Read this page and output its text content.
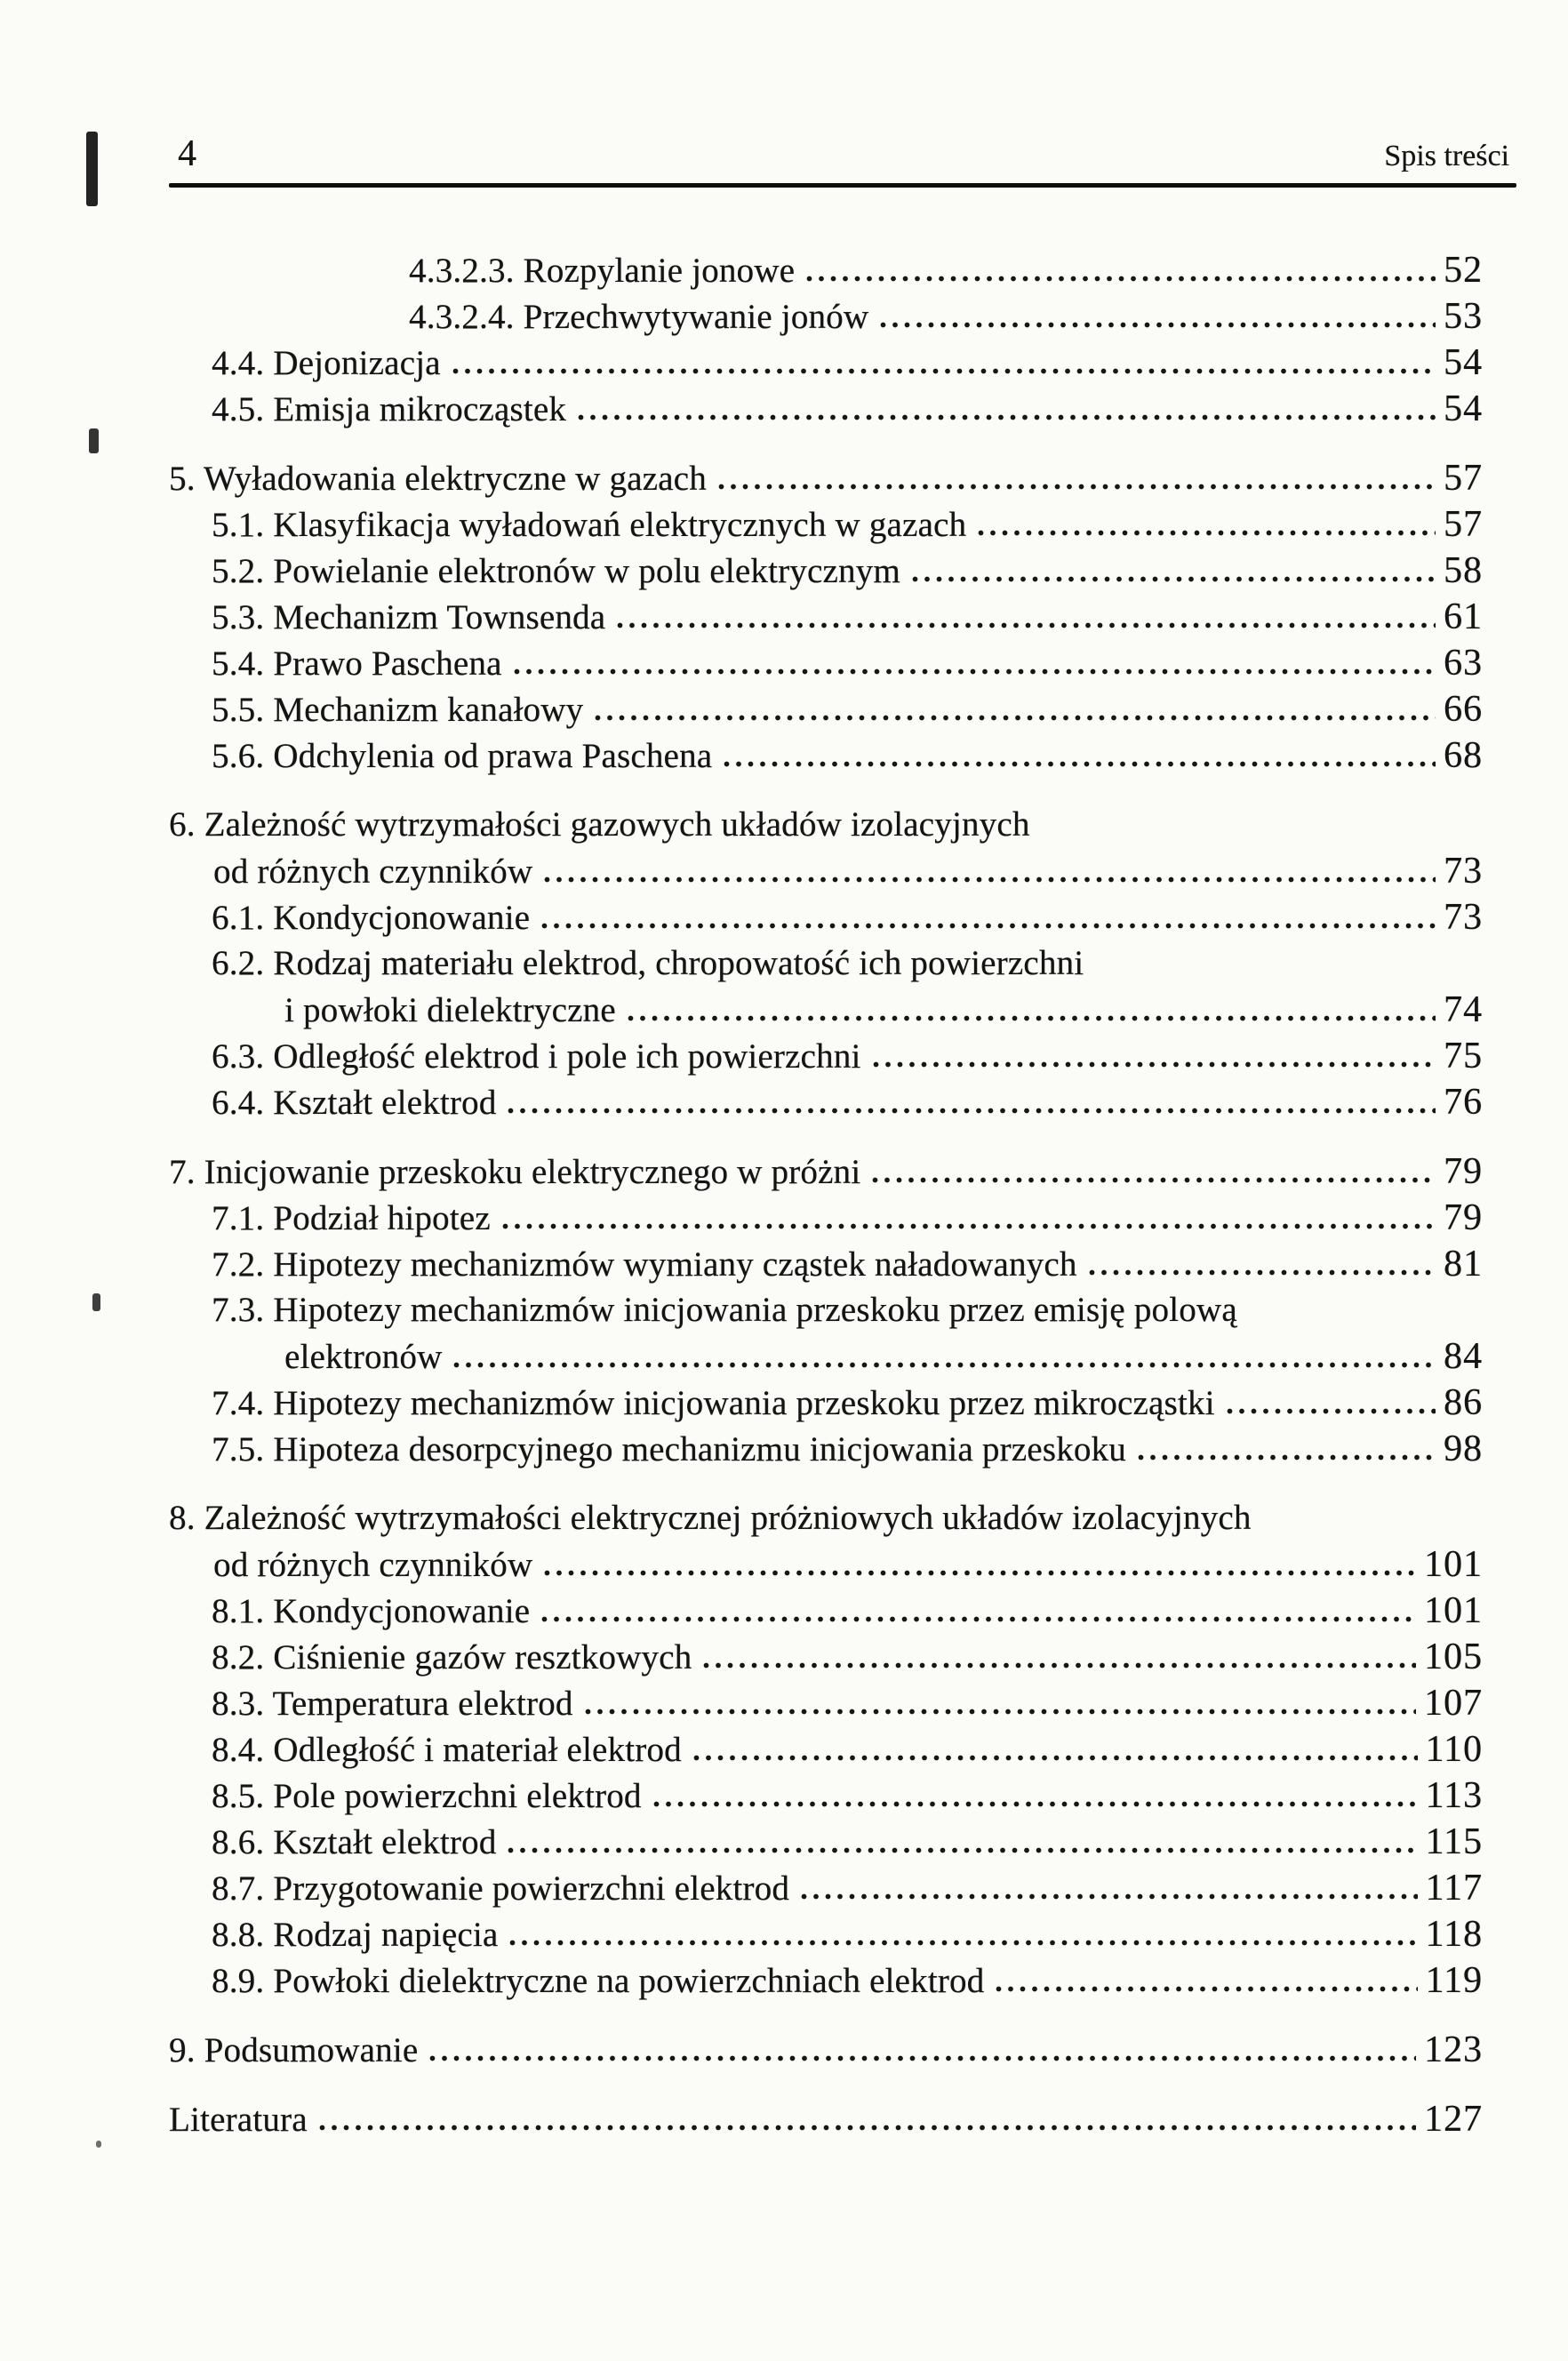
4	Spis treści
4.3.2.3. Rozpylanie jonowe	52
4.3.2.4. Przechwytywanie jonów	53
4.4. Dejonizacja	54
4.5. Emisja mikrocząstek	54
5. Wyładowania elektryczne w gazach	57
5.1. Klasyfikacja wyładowań elektrycznych w gazach	57
5.2. Powielanie elektronów w polu elektrycznym	58
5.3. Mechanizm Townsenda	61
5.4. Prawo Paschena	63
5.5. Mechanizm kanałowy	66
5.6. Odchylenia od prawa Paschena	68
6. Zależność wytrzymałości gazowych układów izolacyjnych
od różnych czynników	73
6.1. Kondycjonowanie	73
6.2. Rodzaj materiału elektrod, chropowatość ich powierzchni
i powłoki dielektryczne	74
6.3. Odległość elektrod i pole ich powierzchni	75
6.4. Kształt elektrod	76
7. Inicjowanie przeskoku elektrycznego w próżni	79
7.1. Podział hipotez	79
7.2. Hipotezy mechanizmów wymiany cząstek naładowanych	81
7.3. Hipotezy mechanizmów inicjowania przeskoku przez emisję polową
elektronów	84
7.4. Hipotezy mechanizmów inicjowania przeskoku przez mikrocząstki	86
7.5. Hipoteza desorpcyjnego mechanizmu inicjowania przeskoku	98
8. Zależność wytrzymałości elektrycznej próżniowych układów izolacyjnych
od różnych czynników	101
8.1. Kondycjonowanie	101
8.2. Ciśnienie gazów resztkowych	105
8.3. Temperatura elektrod	107
8.4. Odległość i materiał elektrod	110
8.5. Pole powierzchni elektrod	113
8.6. Kształt elektrod	115
8.7. Przygotowanie powierzchni elektrod	117
8.8. Rodzaj napięcia	118
8.9. Powłoki dielektryczne na powierzchniach elektrod	119
9. Podsumowanie	123
Literatura	127
